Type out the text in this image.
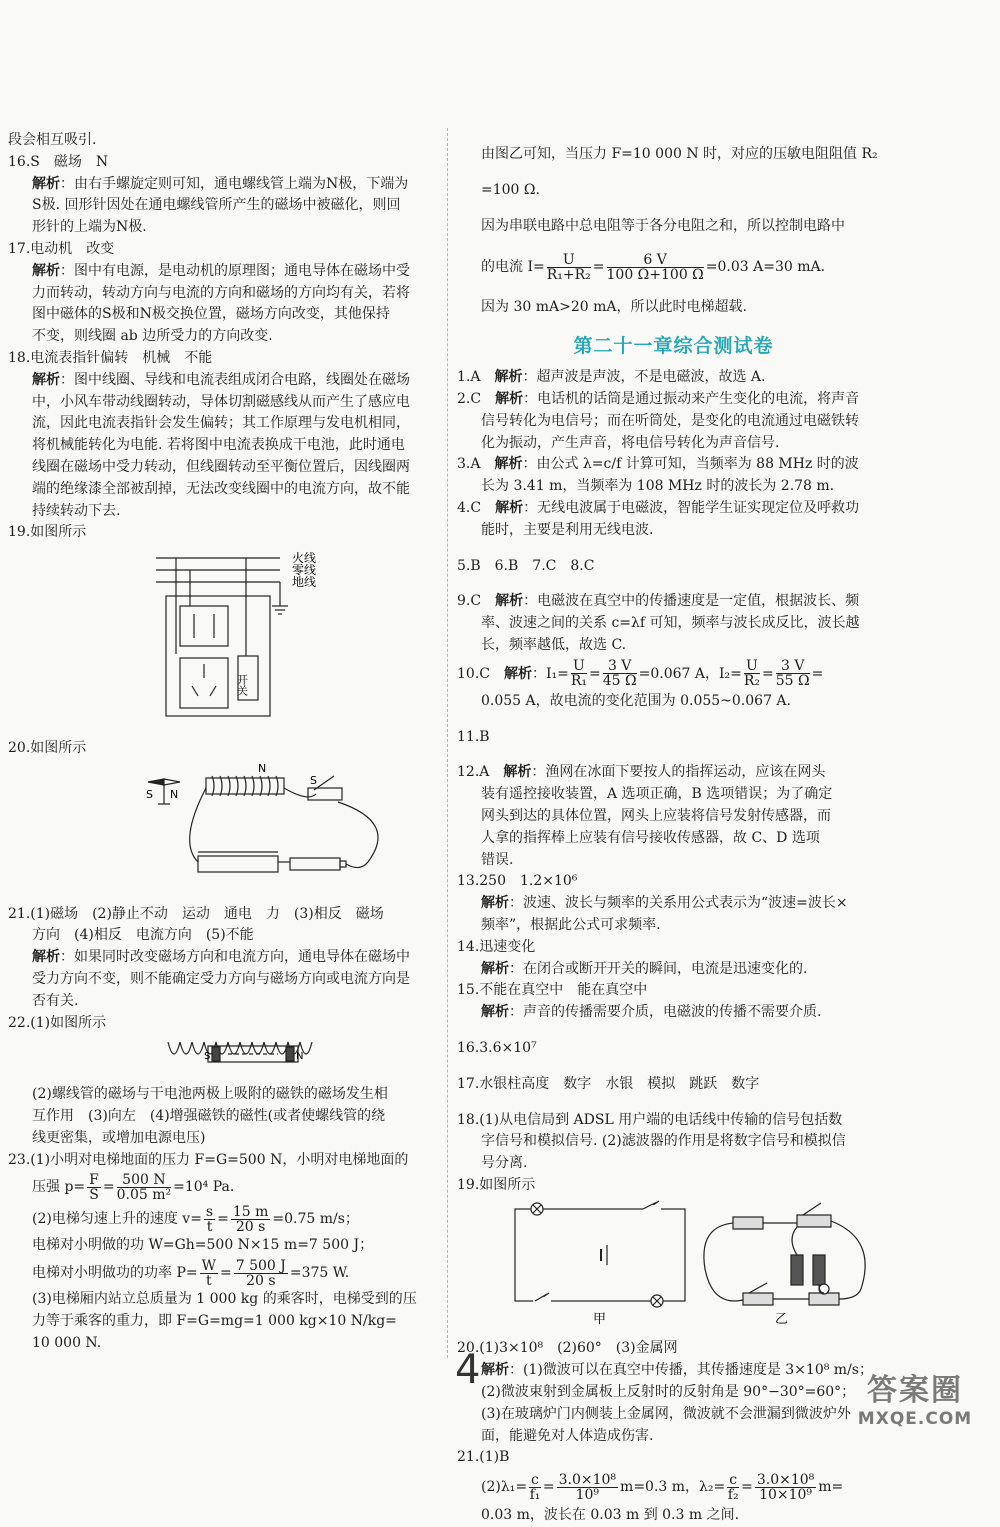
段会相互吸引.

16.S　磁场　N

解析：由右手螺旋定则可知，通电螺线管上端为N极，下端为

S极. 回形针因处在通电螺线管所产生的磁场中被磁化，则回

形针的上端为N极.

17.电动机　改变

解析：图中有电源，是电动机的原理图；通电导体在磁场中受

力而转动，转动方向与电流的方向和磁场的方向均有关，若将

图中磁体的S极和N极交换位置，磁场方向改变，其他保持

不变，则线圈 ab 边所受力的方向改变.

18.电流表指针偏转　机械　不能

解析：图中线圈、导线和电流表组成闭合电路，线圈处在磁场

中，小风车带动线圈转动，导体切割磁感线从而产生了感应电

流，因此电流表指针会发生偏转；其工作原理与发电机相同，

将机械能转化为电能. 若将图中电流表换成干电池，此时通电

线圈在磁场中受力转动，但线圈转动至平衡位置后，因线圈两

端的绝缘漆全部被刮掉，无法改变线圈中的电流方向，故不能

持续转动下去.

19.如图所示

火线
零线
地线
开关

20.如图所示

N
S
S N

21.(1)磁场　(2)静止不动　运动　通电　力　(3)相反　磁场

方向　(4)相反　电流方向　(5)不能

解析：如果同时改变磁场方向和电流方向，通电导体在磁场中

受力方向不变，则不能确定受力方向与磁场方向或电流方向是

否有关.

22.(1)如图所示

S	N

(2)螺线管的磁场与干电池两极上吸附的磁铁的磁场发生相

互作用　(3)向左　(4)增强磁铁的磁性(或者使螺线管的绕

线更密集，或增加电源电压)

23.(1)小明对电梯地面的压力 F=G=500 N，小明对电梯地面的

压强 $p= \frac{F}{S} = \frac{500 N}{\text{0.05 m²}} =10^4$ Pa.

(2)电梯匀速上升的速度 $v= \frac{s}{t} = \frac{15 m}{20 s} =0.75$ m/s；

电梯对小明做的功 W=Gh=500 N×15 m=7 500 J；

电梯对小明做功的功率 $P= \frac{W}{t} = \frac{7 500 J}{20 s} =375$ W.

(3)电梯厢内站立总质量为 1 000 kg 的乘客时，电梯受到的压

力等于乘客的重力，即 F=G=mg=1 000 kg×10 N/kg=

10 000 N.

由图乙可知，当压力 F=10 000 N 时，对应的压敏电阻阻值 R₂

=100 Ω.

因为串联电路中总电阻等于各分电阻之和，所以控制电路中

的电流 $I= \frac{U}{\text{R₁+R₂}} = \frac{6 V}{100 \Omega+100 \Omega} =0.03$ A=30 mA.

因为 30 mA>20 mA，所以此时电梯超载.

第二十一章综合测试卷

1.A　解析：超声波是声波，不是电磁波，故选 A.

2.C　解析：电话机的话筒是通过振动来产生变化的电流，将声音

信号转化为电信号；而在听筒处，是变化的电流通过电磁铁转

化为振动，产生声音，将电信号转化为声音信号.

3.A　解析：由公式 λ=c/f 计算可知，当频率为 88 MHz 时的波

长为 3.41 m，当频率为 108 MHz 时的波长为 2.78 m.

4.C　解析：无线电波属于电磁波，智能学生证实现定位及呼救功

能时，主要是利用无线电波.

5.B　6.B　7.C　8.C

9.C　解析：电磁波在真空中的传播速度是一定值，根据波长、频

率、波速之间的关系 c=λf 可知，频率与波长成反比，波长越

长，频率越低，故选 C.

10.C　解析：$I_1= \frac{U}{\text{R₁}} = \frac{3 V}{45 \Omega} =0.067$ A，$I_2= \frac{U}{\text{R₂}} = \frac{3 V}{55 \Omega}$ =

0.055 A，故电流的变化范围为 0.055~0.067 A.

11.B

12.A　解析：渔网在冰面下要按人的指挥运动，应该在网头

装有遥控接收装置，A 选项正确，B 选项错误；为了确定

网头到达的具体位置，网头上应装将信号发射传感器，而

人拿的指挥棒上应装有信号接收传感器，故 C、D 选项

错误.

13.250　1.2×10⁶

解析：波速、波长与频率的关系用公式表示为“波速=波长×

频率”，根据此公式可求频率.

14.迅速变化

解析：在闭合或断开开关的瞬间，电流是迅速变化的.

15.不能在真空中　能在真空中

解析：声音的传播需要介质，电磁波的传播不需要介质.

16.3.6×10⁷

17.水银柱高度　数字　水银　模拟　跳跃　数字

18.(1)从电信局到 ADSL 用户端的电话线中传输的信号包括数

字信号和模拟信号. (2)滤波器的作用是将数字信号和模拟信

号分离.

19.如图所示

甲	乙

20.(1)3×10⁸　(2)60°　(3)金属网

解析：(1)微波可以在真空中传播，其传播速度是 3×10⁸ m/s；

(2)微波束射到金属板上反射时的反射角是 90°−30°=60°；

(3)在玻璃炉门内侧装上金属网，微波就不会泄漏到微波炉外

面，能避免对人体造成伤害.

21.(1)B

$(2)\lambda_1= \frac{c}{\text{f₁}} = \frac{\text{3.0×10⁸}}{\text{10⁹}} m=0.3$ m，$\lambda_2= \frac{c}{\text{f₂}} = \frac{\text{3.0×10⁸}}{\text{10×10⁹}} m=$

0.03 m，波长在 0.03 m 到 0.3 m 之间.

4	答案圈
MXQE.COM
